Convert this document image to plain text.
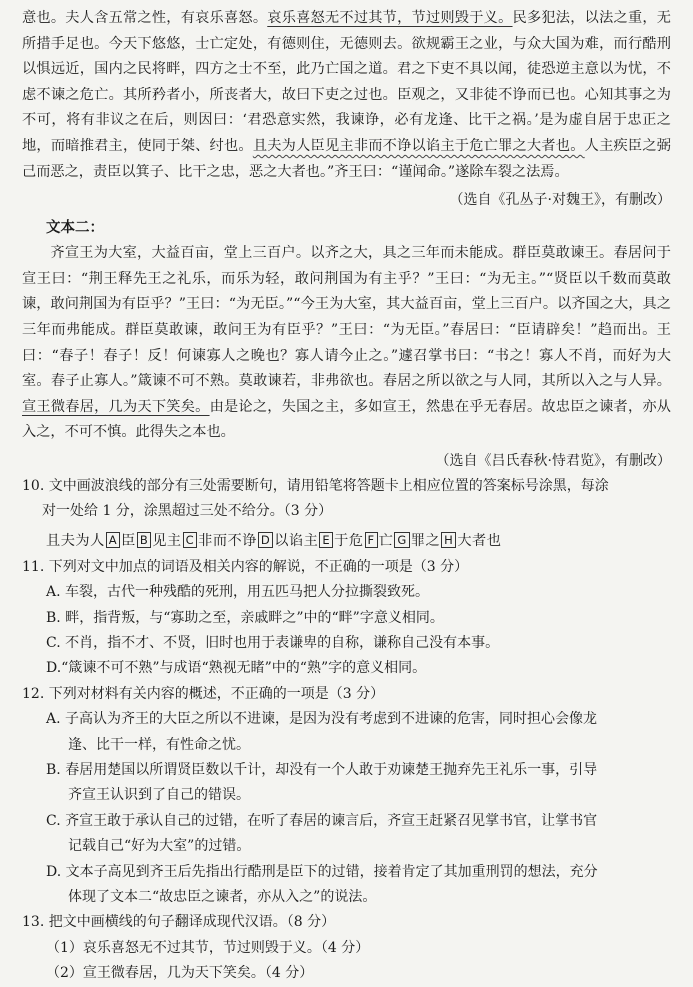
意也。夫人含五常之性，有哀乐喜怒。哀乐喜怒无不过其节，节过则毁于义。民多犯法，以法之重，无所措手足也。今天下悠悠，士亡定处，有德则住，无德则去。欲规霸王之业，与众大国为难，而行酷刑以惧远近，国内之民将畔，四方之士不至，此乃亡国之道。君之下吏不具以闻，徒恐逆主意以为忧，不虑不谏之危亡。其所矜者小，所丧者大，故曰下吏之过也。臣观之，又非徒不诤而已也。心知其事之为不可，将有非议之在后，则因曰：‘君恐意实然，我谏诤，必有龙逢、比干之祸。’是为虚自居于忠正之地，而暗推君主，使同于桀、纣也。且夫为人臣见主非而不诤以谄主于危亡罪之大者也。人主疾臣之弼己而恶之，责臣以箕子、比干之忠，恶之大者也。”齐王曰：“谨闻命。”遂除车裂之法焉。

（选自《孔丛子·对魏王》，有删改）

文本二：

齐宣王为大室，大益百亩，堂上三百户。以齐之大，具之三年而未能成。群臣莫敢谏王。春居问于宣王曰：“荆王释先王之礼乐，而乐为轻，敢问荆国为有主乎？”王曰：“为无主。”“贤臣以千数而莫敢谏，敢问荆国为有臣乎？”王曰：“为无臣。”“今王为大室，其大益百亩，堂上三百户。以齐国之大，具之三年而弗能成。群臣莫敢谏，敢问王为有臣乎？”王曰：“为无臣。”春居曰：“臣请辟矣！”趋而出。王曰：“春子！春子！反！何谏寡人之晚也？寡人请今止之。”遽召掌书曰：“书之！寡人不肖，而好为大室。春子止寡人。”箴谏不可不熟。莫敢谏若，非弗欲也。春居之所以欲之与人同，其所以入之与人异。宣王微春居，几为天下笑矣。由是论之，失国之主，多如宣王，然患在乎无春居。故忠臣之谏者，亦从入之，不可不慎。此得失之本也。

（选自《吕氏春秋·恃君览》，有删改）

10. 文中画波浪线的部分有三处需要断句，请用铅笔将答题卡上相应位置的答案标号涂黑，每涂

对一处给 1 分，涂黑超过三处不给分。（3 分）

且夫为人 A 臣 B 见主 C 非而不诤 D 以谄主 E 于危 F 亡 G 罪之 H 大者也

11. 下列对文中加点的词语及相关内容的解说，不正确的一项是（3 分）

A. 车裂，古代一种残酷的死刑，用五匹马把人分拉撕裂致死。

B. 畔，指背叛，与“寡助之至，亲戚畔之”中的“畔”字意义相同。

C. 不肖，指不才、不贤，旧时也用于表谦卑的自称，谦称自己没有本事。

D.“箴谏不可不熟”与成语“熟视无睹”中的“熟”字的意义相同。

12. 下列对材料有关内容的概述，不正确的一项是（3 分）

A. 子高认为齐王的大臣之所以不进谏，是因为没有考虑到不进谏的危害，同时担心会像龙

逢、比干一样，有性命之忧。

B. 春居用楚国以所谓贤臣数以千计，却没有一个人敢于劝谏楚王抛弃先王礼乐一事，引导

齐宣王认识到了自己的错误。

C. 齐宣王敢于承认自己的过错，在听了春居的谏言后，齐宣王赶紧召见掌书官，让掌书官

记载自己“好为大室”的过错。

D. 文本子高见到齐王后先指出行酷刑是臣下的过错，接着肯定了其加重刑罚的想法，充分

体现了文本二“故忠臣之谏者，亦从入之”的说法。

13. 把文中画横线的句子翻译成现代汉语。（8 分）

（1）哀乐喜怒无不过其节，节过则毁于义。（4 分）

（2）宣王微春居，几为天下笑矣。（4 分）
